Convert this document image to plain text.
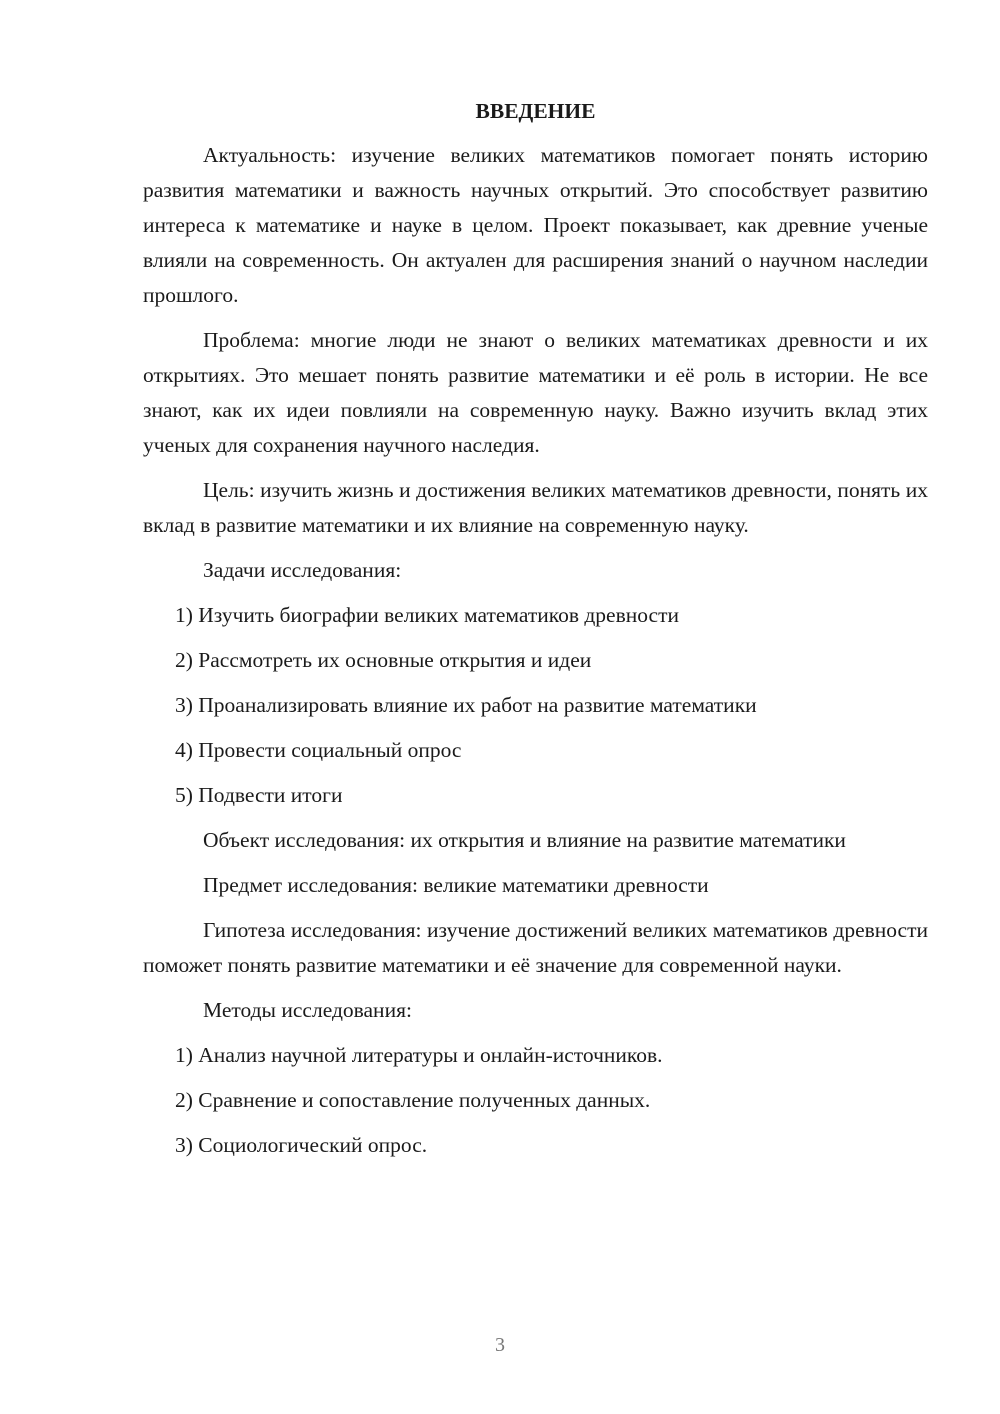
ВВЕДЕНИЕ

Актуальность: изучение великих математиков помогает понять историю развития математики и важность научных открытий. Это способствует развитию интереса к математике и науке в целом. Проект показывает, как древние ученые влияли на современность. Он актуален для расширения знаний о научном наследии прошлого.

Проблема: многие люди не знают о великих математиках древности и их открытиях. Это мешает понять развитие математики и её роль в истории. Не все знают, как их идеи повлияли на современную науку. Важно изучить вклад этих ученых для сохранения научного наследия.

Цель: изучить жизнь и достижения великих математиков древности, понять их вклад в развитие математики и их влияние на современную науку.

Задачи исследования:

1) Изучить биографии великих математиков древности

2) Рассмотреть их основные открытия и идеи

3) Проанализировать влияние их работ на развитие математики

4) Провести социальный опрос

5) Подвести итоги

Объект исследования: их открытия и влияние на развитие математики

Предмет исследования: великие математики древности

Гипотеза исследования: изучение достижений великих математиков древности поможет понять развитие математики и её значение для современной науки.

Методы исследования:

1) Анализ научной литературы и онлайн-источников.

2) Сравнение и сопоставление полученных данных.

3) Социологический опрос.

3
